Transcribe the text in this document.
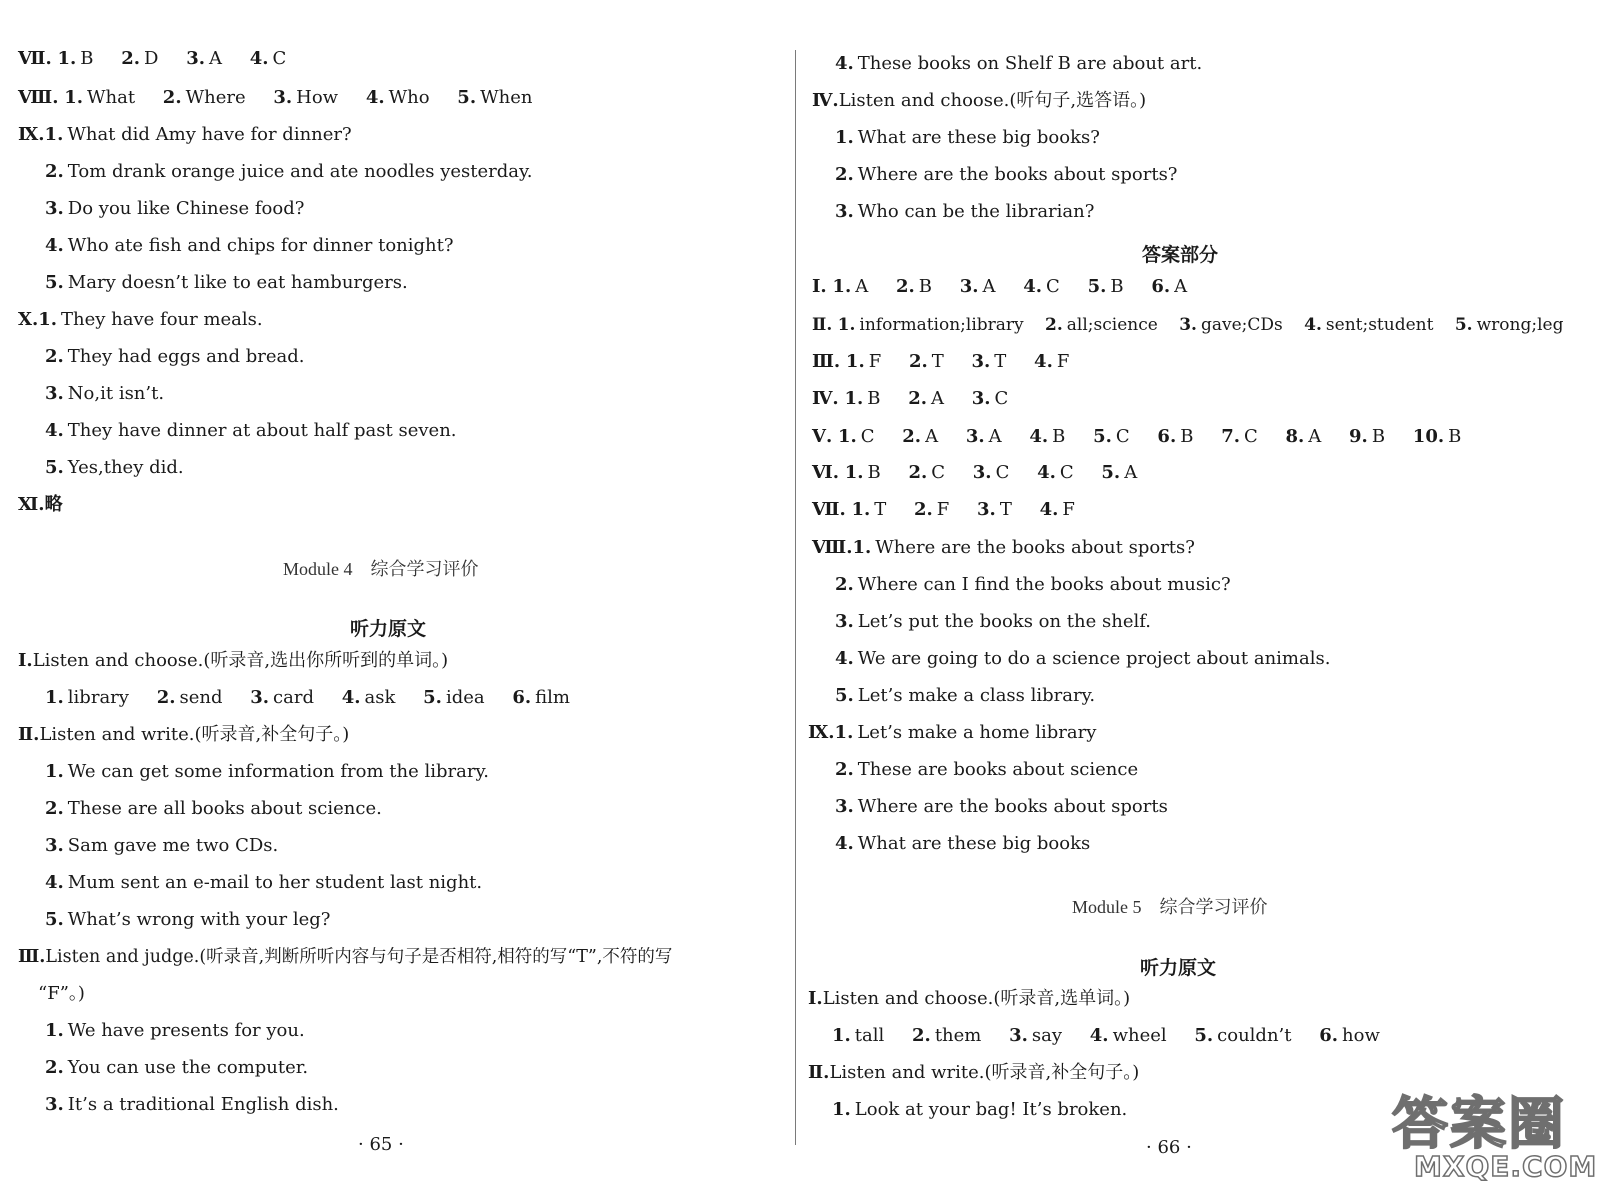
Ⅶ. 1. B 2. D 3. A 4. C
Ⅷ. 1. What 2. Where 3. How 4. Who 5. When
Ⅸ.1. What did Amy have for dinner?
2. Tom drank orange juice and ate noodles yesterday.
3. Do you like Chinese food?
4. Who ate fish and chips for dinner tonight?
5. Mary doesn’t like to eat hamburgers.
Ⅹ.1. They have four meals.
2. They had eggs and bread.
3. No,it isn’t.
4. They have dinner at about half past seven.
5. Yes,they did.
Ⅺ.略
Module 4 综合学习评价
听力原文
Ⅰ.Listen and choose.(听录音,选出你所听到的单词。)
1. library 2. send 3. card 4. ask 5. idea 6. film
Ⅱ.Listen and write.(听录音,补全句子。)
1. We can get some information from the library.
2. These are all books about science.
3. Sam gave me two CDs.
4. Mum sent an e-mail to her student last night.
5. What’s wrong with your leg?
Ⅲ.Listen and judge.(听录音,判断所听内容与句子是否相符,相符的写“T”,不符的写
“F”。)
1. We have presents for you.
2. You can use the computer.
3. It’s a traditional English dish.
· 65 ·
4. These books on Shelf B are about art.
Ⅳ.Listen and choose.(听句子,选答语。)
1. What are these big books?
2. Where are the books about sports?
3. Who can be the librarian?
答案部分
Ⅰ. 1. A 2. B 3. A 4. C 5. B 6. A
Ⅱ. 1. information;library 2. all;science 3. gave;CDs 4. sent;student 5. wrong;leg
Ⅲ. 1. F 2. T 3. T 4. F
Ⅳ. 1. B 2. A 3. C
Ⅴ. 1. C 2. A 3. A 4. B 5. C 6. B 7. C 8. A 9. B 10. B
Ⅵ. 1. B 2. C 3. C 4. C 5. A
Ⅶ. 1. T 2. F 3. T 4. F
Ⅷ.1. Where are the books about sports?
2. Where can I find the books about music?
3. Let’s put the books on the shelf.
4. We are going to do a science project about animals.
5. Let’s make a class library.
Ⅸ.1. Let’s make a home library
2. These are books about science
3. Where are the books about sports
4. What are these big books
Module 5 综合学习评价
听力原文
Ⅰ.Listen and choose.(听录音,选单词。)
1. tall 2. them 3. say 4. wheel 5. couldn’t 6. how
Ⅱ.Listen and write.(听录音,补全句子。)
1. Look at your bag! It’s broken.
· 66 ·	答案圈
MXQE.COM
